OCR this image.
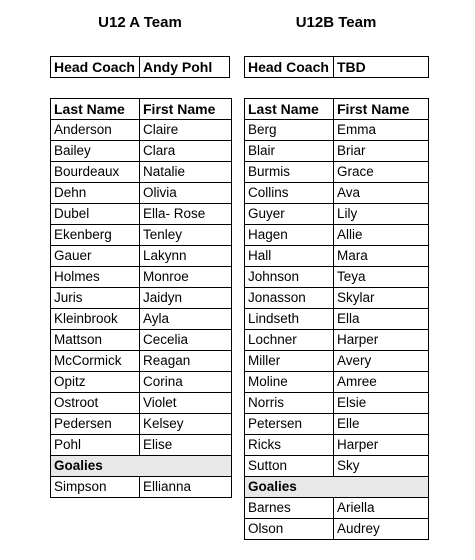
U12 A Team	U12B Team
Head Coach	Andy Pohl	Head Coach	TBD
Last Name	First Name
Anderson	Claire
Bailey	Clara
Bourdeaux	Natalie
Dehn	Olivia
Dubel	Ella- Rose
Ekenberg	Tenley
Gauer	Lakynn
Holmes	Monroe
Juris	Jaidyn
Kleinbrook	Ayla
Mattson	Cecelia
McCormick	Reagan
Opitz	Corina
Ostroot	Violet
Pedersen	Kelsey
Pohl	Elise
Goalies	
Simpson	Ellianna
Last Name	First Name
Berg	Emma
Blair	Briar
Burmis	Grace
Collins	Ava
Guyer	Lily
Hagen	Allie
Hall	Mara
Johnson	Teya
Jonasson	Skylar
Lindseth	Ella
Lochner	Harper
Miller	Avery
Moline	Amree
Norris	Elsie
Petersen	Elle
Ricks	Harper
Sutton	Sky
Goalies	
Barnes	Ariella
Olson	Audrey
